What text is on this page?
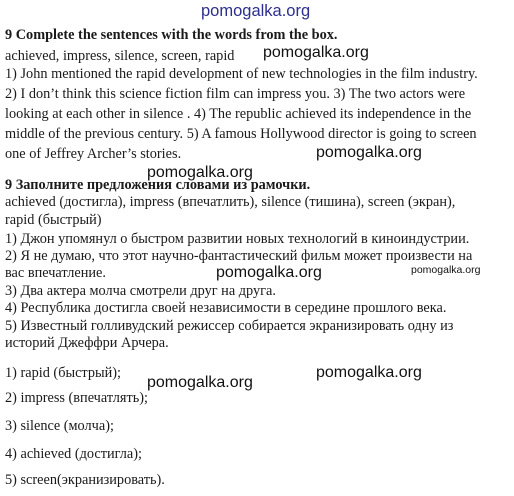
pomogalka.org
9 Complete the sentences with the words from the box.
achieved, impress, silence, screen, rapid
1) John mentioned the rapid development of new technologies in the film industry.
2) I don’t think this science fiction film can impress you. 3) The two actors were
looking at each other in silence . 4) The republic achieved its independence in the
middle of the previous century. 5) A famous Hollywood director is going to screen
one of Jeffrey Archer’s stories.
9 Заполните предложения словами из рамочки.
achieved (достигла), impress (впечатлить), silence (тишина), screen (экран),
rapid (быстрый)
1) Джон упомянул о быстром развитии новых технологий в киноиндустрии.
2) Я не думаю, что этот научно-фантастический фильм может произвести на
вас впечатление.
3) Два актера молча смотрели друг на друга.
4) Республика достигла своей независимости в середине прошлого века.
5) Известный голливудский режиссер собирается экранизировать одну из
историй Джеффри Арчера.
1) rapid (быстрый);
2) impress (впечатлять);
3) silence (молча);
4) achieved (достигла);
5) screen(экранизировать).
pomogalka.org
pomogalka.org
pomogalka.org
pomogalka.org	pomogalka.org
pomogalka.org
pomogalka.org
